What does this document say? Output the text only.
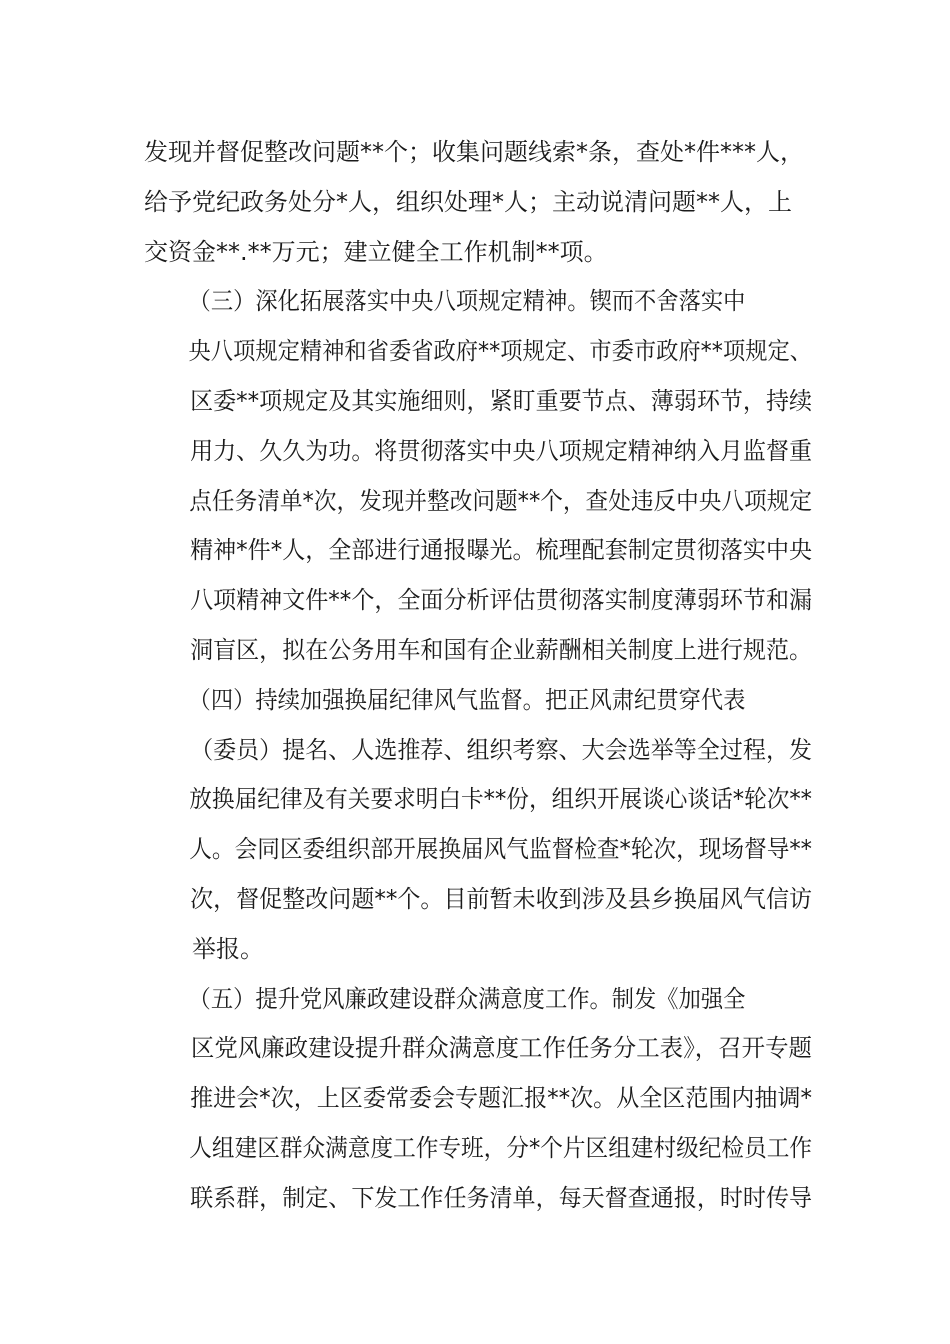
发现并督促整改问题**个；收集问题线索*条，查处*件***人，
给予党纪政务处分*人，组织处理*人；主动说清问题**人，上
交资金**.**万元；建立健全工作机制**项。

（三）深化拓展落实中央八项规定精神。锲而不舍落实中
央八项规定精神和省委省政府**项规定、市委市政府**项规定、
区委**项规定及其实施细则，紧盯重要节点、薄弱环节，持续
用力、久久为功。将贯彻落实中央八项规定精神纳入月监督重
点任务清单*次，发现并整改问题**个，查处违反中央八项规定
精神*件*人，全部进行通报曝光。梳理配套制定贯彻落实中央
八项精神文件**个，全面分析评估贯彻落实制度薄弱环节和漏
洞盲区，拟在公务用车和国有企业薪酬相关制度上进行规范。

（四）持续加强换届纪律风气监督。把正风肃纪贯穿代表
（委员）提名、人选推荐、组织考察、大会选举等全过程，发
放换届纪律及有关要求明白卡**份，组织开展谈心谈话*轮次**
人。会同区委组织部开展换届风气监督检查*轮次，现场督导**
次，督促整改问题**个。目前暂未收到涉及县乡换届风气信访
举报。

（五）提升党风廉政建设群众满意度工作。制发《加强全
区党风廉政建设提升群众满意度工作任务分工表》，召开专题
推进会*次，上区委常委会专题汇报**次。从全区范围内抽调*
人组建区群众满意度工作专班，分*个片区组建村级纪检员工作
联系群，制定、下发工作任务清单，每天督查通报，时时传导
